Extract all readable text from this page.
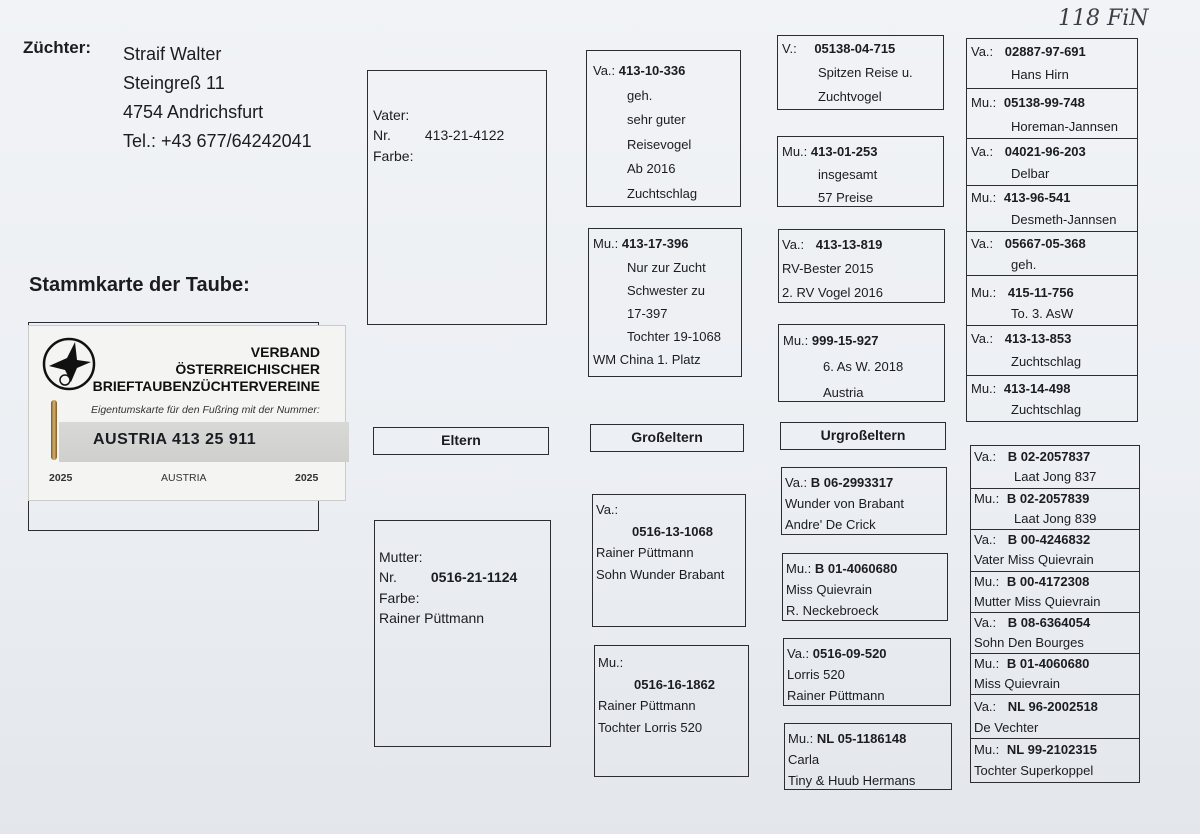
118 FiN
Züchter: Straif Walter
Steingreß 11
4754 Andrichsfurt
Tel.: +43 677/64242041
Stammkarte der Taube:
VERBAND
ÖSTERREICHISCHER
BRIEFTAUBENZÜCHTERVEREINE
Eigentumskarte für den Fußring mit der Nummer:
AUSTRIA 413 25 911
2025	AUSTRIA	2025
Eltern	Großeltern	Urgroßeltern
Vater:
Nr. 413-21-4122
Farbe:
Mutter:
Nr. 0516-21-1124
Farbe:
Rainer Püttmann
Va.: 413-10-336
geh.
sehr guter
Reisevogel
Ab 2016
Zuchtschlag
Mu.: 413-17-396
Nur zur Zucht
Schwester zu
17-397
Tochter 19-1068
WM China 1. Platz
Va.:
0516-13-1068
Rainer Püttmann
Sohn Wunder Brabant
Mu.:
0516-16-1862
Rainer Püttmann
Tochter Lorris 520
V.: 05138-04-715
Spitzen Reise u.
Zuchtvogel
Mu.: 413-01-253
insgesamt
57 Preise
Va.: 413-13-819
RV-Bester 2015
2. RV Vogel 2016
Mu.: 999-15-927
6. As W. 2018
Austria
Va.: B 06-2993317
Wunder von Brabant
Andre' De Crick
Mu.: B 01-4060680
Miss Quievrain
R. Neckebroeck
Va.: 0516-09-520
Lorris 520
Rainer Püttmann
Mu.: NL 05-1186148
Carla
Tiny & Huub Hermans
Va.: 02887-97-691
Hans Hirn
Mu.: 05138-99-748
Horeman-Jannsen
Va.: 04021-96-203
Delbar
Mu.: 413-96-541
Desmeth-Jannsen
Va.: 05667-05-368
geh.
Mu.: 415-11-756
To. 3. AsW
Va.: 413-13-853
Zuchtschlag
Mu.: 413-14-498
Zuchtschlag
Va.: B 02-2057837
Laat Jong 837
Mu.: B 02-2057839
Laat Jong 839
Va.: B 00-4246832
Vater Miss Quievrain
Mu.: B 00-4172308
Mutter Miss Quievrain
Va.: B 08-6364054
Sohn Den Bourges
Mu.: B 01-4060680
Miss Quievrain
Va.: NL 96-2002518
De Vechter
Mu.: NL 99-2102315
Tochter Superkoppel
